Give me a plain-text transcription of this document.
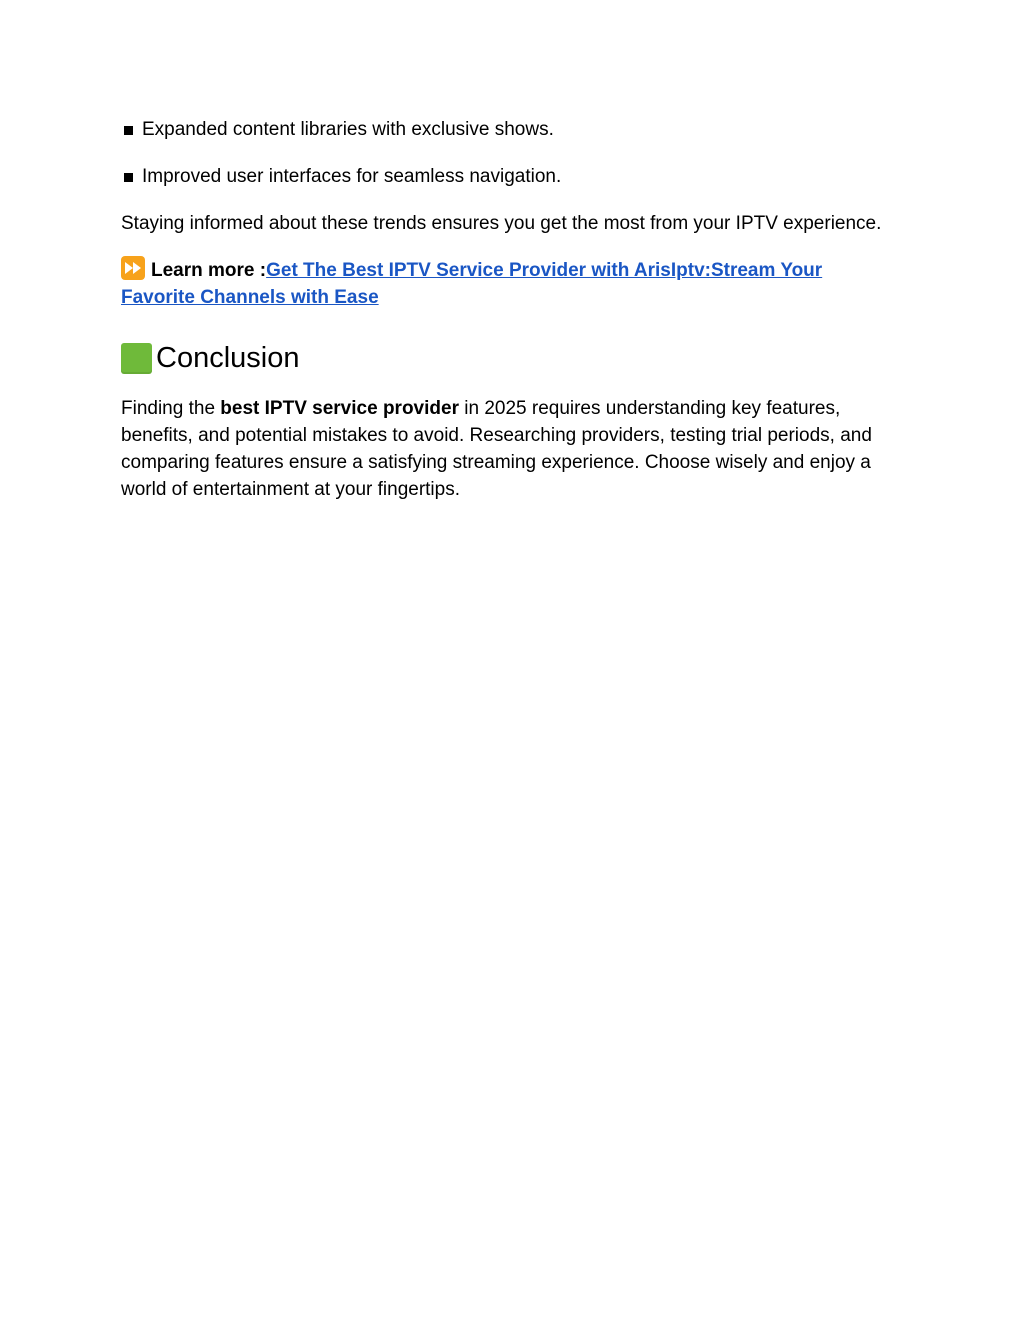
Expanded content libraries with exclusive shows.
Improved user interfaces for seamless navigation.

Staying informed about these trends ensures you get the most from your IPTV experience.

Learn more :Get The Best IPTV Service Provider with ArisIptv:Stream Your Favorite Channels with Ease

Conclusion

Finding the best IPTV service provider in 2025 requires understanding key features, benefits, and potential mistakes to avoid. Researching providers, testing trial periods, and comparing features ensure a satisfying streaming experience. Choose wisely and enjoy a world of entertainment at your fingertips.
